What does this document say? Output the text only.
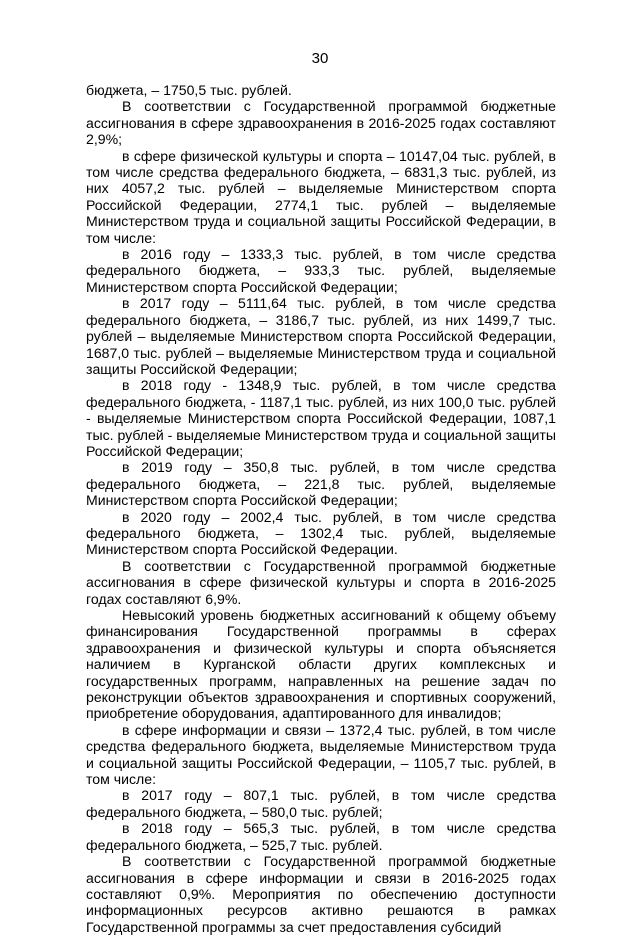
30

бюджета, – 1750,5 тыс. рублей.

В соответствии с Государственной программой бюджетные ассигнования в сфере здравоохранения в 2016-2025 годах составляют 2,9%;

в сфере физической культуры и спорта – 10147,04 тыс. рублей, в том числе средства федерального бюджета, – 6831,3 тыс. рублей, из них 4057,2 тыс. рублей – выделяемые Министерством спорта Российской Федерации, 2774,1 тыс. рублей – выделяемые Министерством труда и социальной защиты Российской Федерации, в том числе:

в 2016 году – 1333,3 тыс. рублей, в том числе средства федерального бюджета, – 933,3 тыс. рублей, выделяемые Министерством спорта Российской Федерации;

в 2017 году – 5111,64 тыс. рублей, в том числе средства федерального бюджета, – 3186,7 тыс. рублей, из них 1499,7 тыс. рублей – выделяемые Министерством спорта Российской Федерации, 1687,0 тыс. рублей – выделяемые Министерством труда и социальной защиты Российской Федерации;

в 2018 году - 1348,9 тыс. рублей, в том числе средства федерального бюджета, - 1187,1 тыс. рублей, из них 100,0 тыс. рублей - выделяемые Министерством спорта Российской Федерации, 1087,1 тыс. рублей - выделяемые Министерством труда и социальной защиты Российской Федерации;

в 2019 году – 350,8 тыс. рублей, в том числе средства федерального бюджета, – 221,8 тыс. рублей, выделяемые Министерством спорта Российской Федерации;

в 2020 году – 2002,4 тыс. рублей, в том числе средства федерального бюджета, – 1302,4 тыс. рублей, выделяемые Министерством спорта Российской Федерации.

В соответствии с Государственной программой бюджетные ассигнования в сфере физической культуры и спорта в 2016-2025 годах составляют 6,9%.

Невысокий уровень бюджетных ассигнований к общему объему финансирования Государственной программы в сферах здравоохранения и физической культуры и спорта объясняется наличием в Курганской области других комплексных и государственных программ, направленных на решение задач по реконструкции объектов здравоохранения и спортивных сооружений, приобретение оборудования, адаптированного для инвалидов;

в сфере информации и связи – 1372,4 тыс. рублей, в том числе средства федерального бюджета, выделяемые Министерством труда и социальной защиты Российской Федерации, – 1105,7 тыс. рублей, в том числе:

в 2017 году – 807,1 тыс. рублей, в том числе средства федерального бюджета, – 580,0 тыс. рублей;

в 2018 году – 565,3 тыс. рублей, в том числе средства федерального бюджета, – 525,7 тыс. рублей.

В соответствии с Государственной программой бюджетные ассигнования в сфере информации и связи в 2016-2025 годах составляют 0,9%. Мероприятия по обеспечению доступности информационных ресурсов активно решаются в рамках Государственной программы за счет предоставления субсидий
